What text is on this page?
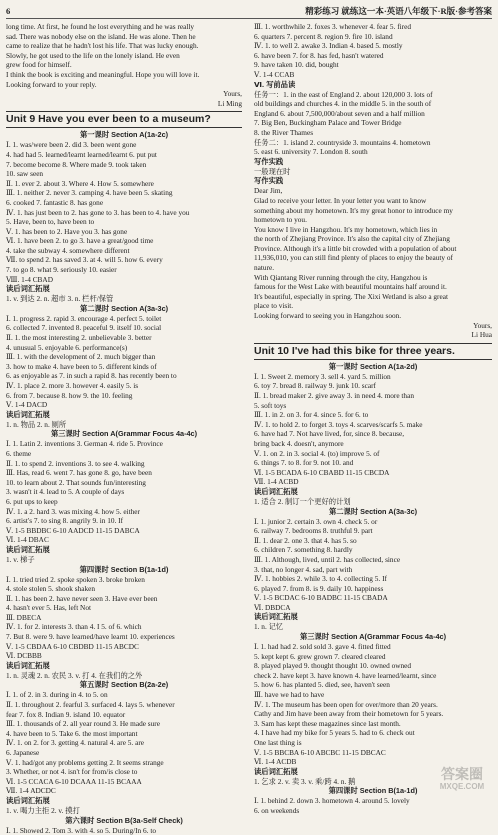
6	精彩练习 就练这一本·英语八年级下·R版·参考答案
long time. At first, he found he lost everything and he was really
sad. There was nobody else on the island. He was alone. Then he
came to realize that he hadn't lost his life. That was lucky enough.
Slowly, he got used to the life on the lonely island. He even
grew food for himself.
I think the book is exciting and meaningful. Hope you will love it.
Looking forward to your reply.
Yours,
Li Ming
Unit 9 Have you ever been to a museum?
第一课时 Section A(1a-2c)
Ⅰ. 1. was/were been 2. did 3. been went gone
4. had had 5. learned/learnt learned/learnt 6. put put
7. become become 8. Where made 9. took taken
10. saw seen
Ⅱ. 1. ever 2. about 3. Where 4. How 5. somewhere
Ⅲ. 1. neither 2. never 3. camping 4. have been 5. skating
6. cooked 7. fantastic 8. has gone
Ⅳ. 1. has just been to 2. has gone to 3. has been to 4. have you
5. Have, been to, have been to
Ⅴ. 1. has been to 2. Have you 3. has gone
Ⅵ. 1. have been 2. to go 3. have a great/good time
4. take the subway 4. somewhere different
Ⅶ. to spend 2. has saved 3. at 4. will 5. how 6. every
7. to go 8. what 9. seriously 10. easier
Ⅷ. 1-4 CBAD
读后词汇拓展
1. v. 到达 2. n. 超市 3. n. 栏杆/保管
第二课时 Section A(3a-3c)
Ⅰ. 1. progress 2. rapid 3. encourage 4. perfect 5. toilet
6. collected 7. invented 8. peaceful 9. itself 10. social
Ⅱ. 1. the most interesting 2. unbelievable 3. better
4. unusual 5. enjoyable 6. performance(s)
Ⅲ. 1. with the development of 2. much bigger than
3. how to make 4. have been to 5. different kinds of
6. as enjoyable as 7. in such a rapid 8. has recently been to
Ⅳ. 1. place 2. more 3. however 4. easily 5. is
6. from 7. because 8. how 9. the 10. feeling
Ⅴ. 1-4 DACD
读后词汇拓展
1. n. 物品 2. n. 厕所
第三课时 Section A(Grammar Focus 4a-4c)
Ⅰ. 1. Latin 2. inventions 3. German 4. ride 5. Province
6. theme
Ⅱ. 1. to spend 2. inventions 3. to see 4. walking
Ⅲ. Has, read 6. went 7. has gone 8. go, have been
10. to learn about 2. That sounds fun/interesting
3. wasn't it 4. lead to 5. A couple of days
6. put ups to keep
Ⅳ. 1. a 2. hard 3. was mixing 4. how 5. either
6. artist's 7. to sing 8. angrily 9. in 10. If
Ⅴ. 1-5 BBDBC 6-10 AADCD 11-15 DABCA
Ⅵ. 1-4 DBAC
读后词汇拓展
1. v. 梯子
第四课时 Section B(1a-1d)
Ⅰ. 1. tried tried 2. spoke spoken 3. broke broken
4. stole stolen 5. shook shaken
Ⅱ. 1. has been 2. have never seen 3. Have ever been
4. hasn't ever 5. Has, left Not
Ⅲ. DBECA
Ⅳ. 1. for 2. interests 3. than 4. I 5. of 6. which
7. But 8. were 9. have learned/have learnt 10. experiences
Ⅴ. 1-5 CBDAA 6-10 CBDBD 11-15 ABCDC
Ⅵ. DCBBB
读后词汇拓展
1. n. 灵魂 2. n. 农民 3. v. 打 4. 在我们的之外
第五课时 Section B(2a-2e)
Ⅰ. 1. of 2. in 3. during in 4. to 5. on
Ⅱ. 1. throughout 2. fearful 3. surfaced 4. lays 5. whenever
fear 7. fox 8. Indian 9. island 10. equator
Ⅲ. 1. thousands of 2. all year round 3. He made sure
4. have been to 5. Take 6. the most important
Ⅳ. 1. on 2. for 3. getting 4. natural 4. are 5. are
6. Japanese
Ⅴ. 1. had/got any problems getting 2. It seems strange
3. Whether, or not 4. isn't for from/is close to
Ⅵ. 1-5 CCACA 6-10 DCAAA 11-15 BCAAA
Ⅶ. 1-4 ADCDC
读后词汇拓展
1. v. 喝力主拒 2. v. 摸打
第六课时 Section B(3a-Self Check)
Ⅰ. 1. Showed 2. Tom 3. with 4. so 5. During/In 6. to
Ⅲ. 1. worthwhile 2. foxes 3. whenever 4. fear 5. fired
6. quarters 7. percent 8. region 9. fire 10. island
Ⅳ. 1. to well 2. awake 3. Indian 4. based 5. mostly
6. have been 7. for 8. has fed, hasn't watered
9. have taken 10. did, bought
Ⅴ. 1-4 CCAB
Ⅵ. 写前品读
任务一：1. in the east of England 2. about 120,000 3. lots of
old buildings and churches 4. in the middle 5. in the south of
England 6. about 7,500,000/about seven and a half million
7. Big Ben, Buckingham Palace and Tower Bridge
8. the River Thames
任务二：1. island 2. countryside 3. mountains 4. hometown
5. east 6. university 7. London 8. south
写作实践
一般现在时
写作实践
Dear Jim,
Glad to receive your letter. In your letter you want to know
something about my hometown. It's my great honor to introduce my
hometown to you.
You know I live in Hangzhou. It's my hometown, which lies in
the north of Zhejiang Province. It's also the capital city of Zhejiang
Province. Although it's a little bit crowded with a population of about
11,936,010, you can still find plenty of places to enjoy the beauty of
nature.
With Qiantang River running through the city, Hangzhou is
famous for the West Lake with beautiful mountains half around it.
It's beautiful, especially in spring. The Xixi Wetland is also a great
place to visit.
Looking forward to seeing you in Hangzhou soon.
Yours,
Li Hua
Unit 10 I've had this bike for three years.
第一课时 Section A(1a-2d)
Ⅰ. 1. Sweet 2. memory 3. sell 4. yard 5. million
6. toy 7. bread 8. railway 9. junk 10. scarf
Ⅱ. 1. bread maker 2. give away 3. in need 4. more than
5. soft toys
Ⅲ. 1. in 2. on 3. for 4. since 5. for 6. to
Ⅳ. 1. to hold 2. to forget 3. toys 4. scarves/scarfs 5. make
6. have had 7. Not have lived, for, since 8. because,
bring back 4. doesn't, anymore
Ⅴ. 1. on 2. in 3. social 4. (to) improve 5. of
6. things 7. to 8. for 9. not 10. and
Ⅵ. 1-5 BCADA 6-10 CBABD 11-15 CBCDA
Ⅶ. 1-4 ACBD
读后词汇拓展
1. 适合 2. 制订一个更好的计划
第二课时 Section A(3a-3c)
Ⅰ. 1. junior 2. certain 3. own 4. check 5. or
6. railway 7. bedrooms 8. truthful 9. part
Ⅱ. 1. dear 2. one 3. that 4. has 5. so
6. children 7. something 8. hardly
Ⅲ. 1. Although, lived, until 2. has collected, since
3. that, no longer 4. sad, part with
Ⅳ. 1. hobbies 2. while 3. to 4. collecting 5. If
6. played 7. from 8. is 9. daily 10. happiness
Ⅴ. 1-5 BCDAC 6-10 BADBC 11-15 CBADA
Ⅵ. DBDCA
读后词汇拓展
1. n. 记忆
第三课时 Section A(Grammar Focus 4a-4c)
Ⅰ. 1. had had 2. sold sold 3. gave 4. fitted fitted
5. kept kept 6. grew grown 7. cleared cleared
8. played played 9. thought thought 10. owned owned
check 2. have kept 3. have known 4. have learned/learnt, since
5. how 6. has planted 5. died, see, haven't seen
Ⅲ. have we had to have
Ⅳ. 1. The museum has been open for over/more than 20 years.
Cathy and Jim have been away from their hometown for 5 years.
3. Sam has kept these magazines since last month.
4. I have had my bike for 5 years 5. had to 6. check out
One last thing is
Ⅴ. 1-5 BBCBA 6-10 ABCBC 11-15 DBCAC
Ⅵ. 1-4 ACDB
读后词汇拓展
1. 乞求 2. v. 卖 3. v. 乘/跨 4. n. 鹅
第四课时 Section B(1a-1d)
Ⅰ. 1. behind 2. down 3. hometown 4. around 5. lovely
6. on weekends
答案圈
MXQE.COM
